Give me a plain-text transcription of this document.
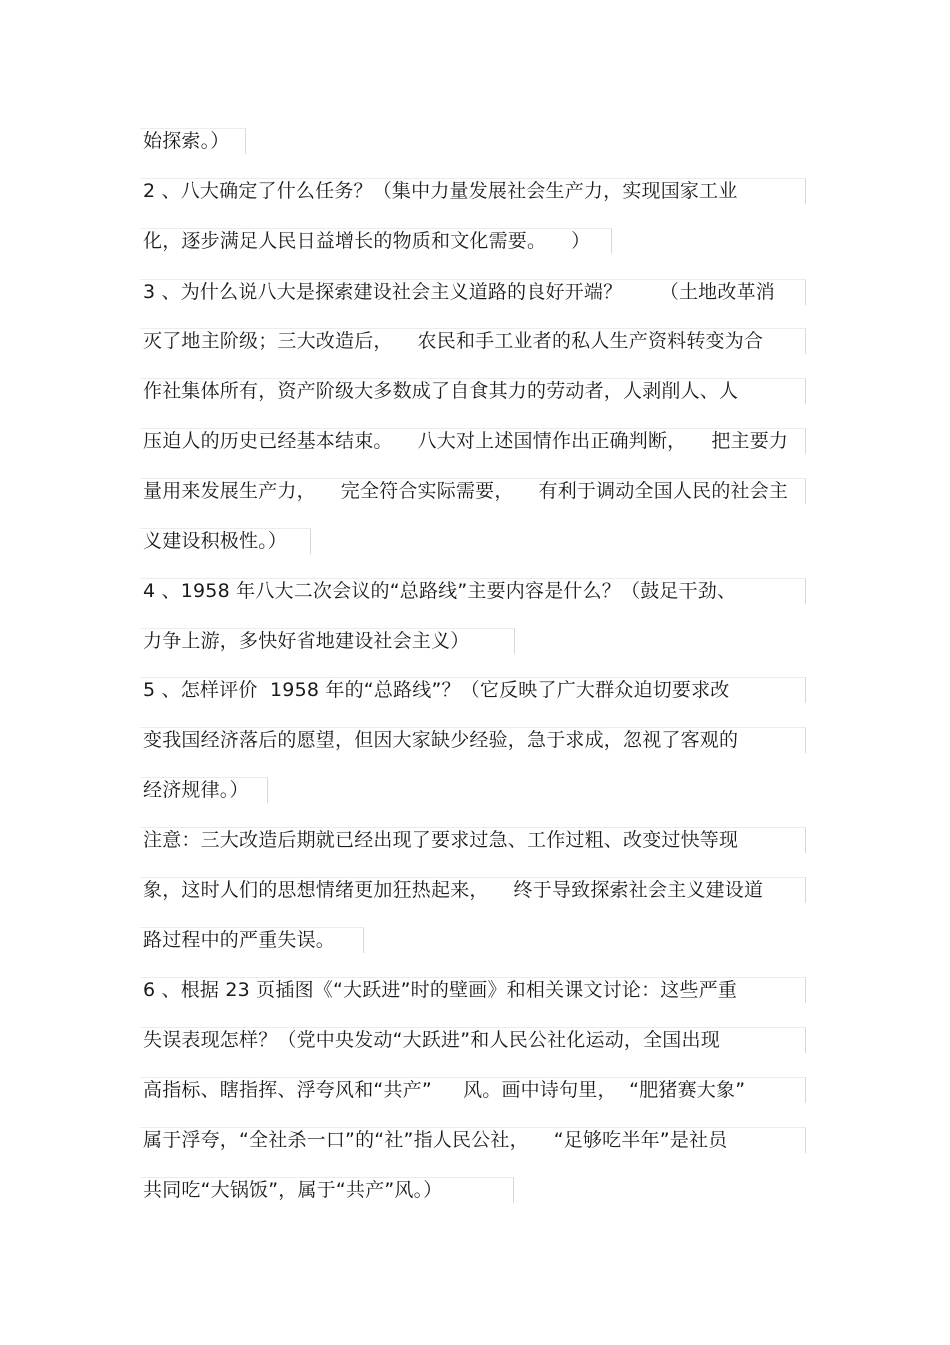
始探索。）
2 、八大确定了什么任务？（集中力量发展社会生产力，实现国家工业
化，逐步满足人民日益增长的物质和文化需要。    ）
3 、为什么说八大是探索建设社会主义道路的良好开端？      （土地改革消
灭了地主阶级；三大改造后，    农民和手工业者的私人生产资料转变为合
作社集体所有，资产阶级大多数成了自食其力的劳动者，人剥削人、人
压迫人的历史已经基本结束。    八大对上述国情作出正确判断，    把主要力
量用来发展生产力，    完全符合实际需要，    有利于调动全国人民的社会主
义建设积极性。）
4 、1958 年八大二次会议的“总路线”主要内容是什么？（鼓足干劲、
力争上游，多快好省地建设社会主义）
5 、怎样评价  1958 年的“总路线”？（它反映了广大群众迫切要求改
变我国经济落后的愿望，但因大家缺少经验，急于求成，忽视了客观的
经济规律。）
注意：三大改造后期就已经出现了要求过急、工作过粗、改变过快等现
象，这时人们的思想情绪更加狂热起来，    终于导致探索社会主义建设道
路过程中的严重失误。
6 、根据 23 页插图《“大跃进”时的壁画》和相关课文讨论：这些严重
失误表现怎样？（党中央发动“大跃进”和人民公社化运动，全国出现
高指标、瞎指挥、浮夸风和“共产”     风。画中诗句里，  “肥猪赛大象”
属于浮夸，“全社杀一口”的“社”指人民公社，    “足够吃半年”是社员
共同吃“大锅饭”，属于“共产”风。）
